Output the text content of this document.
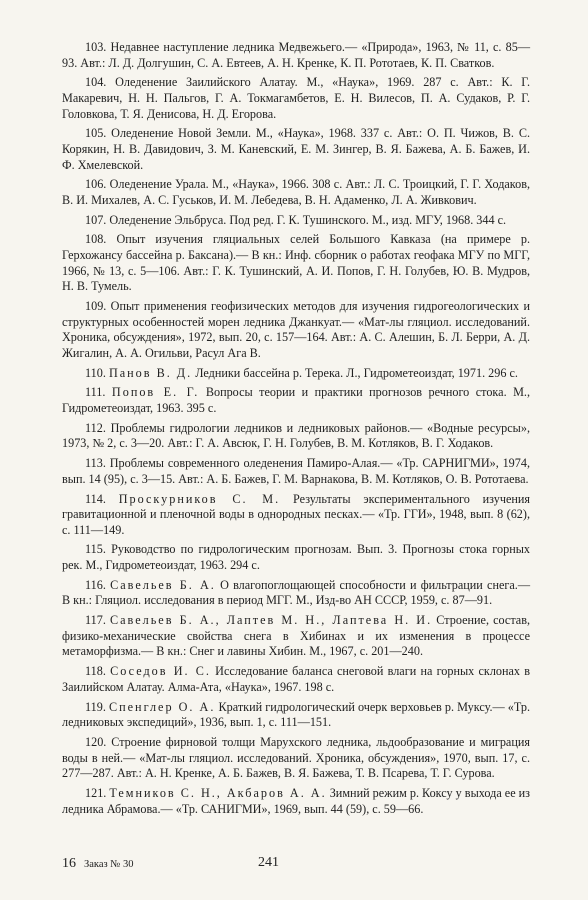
103. Недавнее наступление ледника Медвежьего.— «Природа», 1963, № 11, с. 85—93. Авт.: Л. Д. Долгушин, С. А. Евтеев, А. Н. Кренке, К. П. Рототаев, К. П. Сватков.

104. Оледенение Заилийского Алатау. М., «Наука», 1969. 287 с. Авт.: К. Г. Макаревич, Н. Н. Пальгов, Г. А. Токмагамбетов, Е. Н. Вилесов, П. А. Судаков, Р. Г. Головкова, Т. Я. Денисова, Н. Д. Егорова.

105. Оледенение Новой Земли. М., «Наука», 1968. 337 с. Авт.: О. П. Чижов, В. С. Корякин, Н. В. Давидович, З. М. Каневский, Е. М. Зингер, В. Я. Бажева, А. Б. Бажев, И. Ф. Хмелевской.

106. Оледенение Урала. М., «Наука», 1966. 308 с. Авт.: Л. С. Троицкий, Г. Г. Ходаков, В. И. Михалев, А. С. Гуськов, И. М. Лебедева, В. Н. Адаменко, Л. А. Живкович.

107. Оледенение Эльбруса. Под ред. Г. К. Тушинского. М., изд. МГУ, 1968. 344 с.

108. Опыт изучения гляциальных селей Большого Кавказа (на примере р. Герхожансу бассейна р. Баксана).— В кн.: Инф. сборник о работах геофака МГУ по МГГ, 1966, № 13, с. 5—106. Авт.: Г. К. Тушинский, А. И. Попов, Г. Н. Голубев, Ю. В. Мудров, Н. В. Тумель.

109. Опыт применения геофизических методов для изучения гидрогеологических и структурных особенностей морен ледника Джанкуат.— «Мат-лы гляциол. исследований. Хроника, обсуждения», 1972, вып. 20, с. 157—164. Авт.: А. С. Алешин, Б. Л. Берри, А. Д. Жигалин, А. А. Огильви, Расул Ага В.

110. Панов В. Д. Ледники бассейна р. Терека. Л., Гидрометеоиздат, 1971. 296 с.

111. Попов Е. Г. Вопросы теории и практики прогнозов речного стока. М., Гидрометеоиздат, 1963. 395 с.

112. Проблемы гидрологии ледников и ледниковых районов.— «Водные ресурсы», 1973, № 2, с. 3—20. Авт.: Г. А. Авсюк, Г. Н. Голубев, В. М. Котляков, В. Г. Ходаков.

113. Проблемы современного оледенения Памиро-Алая.— «Тр. САРНИГМИ», 1974, вып. 14 (95), с. 3—15. Авт.: А. Б. Бажев, Г. М. Варнакова, В. М. Котляков, О. В. Рототаева.

114. Проскурников С. М. Результаты экспериментального изучения гравитационной и пленочной воды в однородных песках.— «Тр. ГГИ», 1948, вып. 8 (62), с. 111—149.

115. Руководство по гидрологическим прогнозам. Вып. 3. Прогнозы стока горных рек. М., Гидрометеоиздат, 1963. 294 с.

116. Савельев Б. А. О влагопоглощающей способности и фильтрации снега.— В кн.: Гляциол. исследования в период МГГ. М., Изд-во АН СССР, 1959, с. 87—91.

117. Савельев Б. А., Лаптев М. Н., Лаптева Н. И. Строение, состав, физико-механические свойства снега в Хибинах и их изменения в процессе метаморфизма.— В кн.: Снег и лавины Хибин. М., 1967, с. 201—240.

118. Соседов И. С. Исследование баланса снеговой влаги на горных склонах в Заилийском Алатау. Алма-Ата, «Наука», 1967. 198 с.

119. Спенглер О. А. Краткий гидрологический очерк верховьев р. Муксу.— «Тр. ледниковых экспедиций», 1936, вып. 1, с. 111—151.

120. Строение фирновой толщи Марухского ледника, льдообразование и миграция воды в ней.— «Мат-лы гляциол. исследований. Хроника, обсуждения», 1970, вып. 17, с. 277—287. Авт.: А. Н. Кренке, А. Б. Бажев, В. Я. Бажева, Т. В. Псарева, Т. Г. Сурова.

121. Темников С. Н., Акбаров А. А. Зимний режим р. Коксу у выхода ее из ледника Абрамова.— «Тр. САНИГМИ», 1969, вып. 44 (59), с. 59—66.

16 Заказ № 30	241
